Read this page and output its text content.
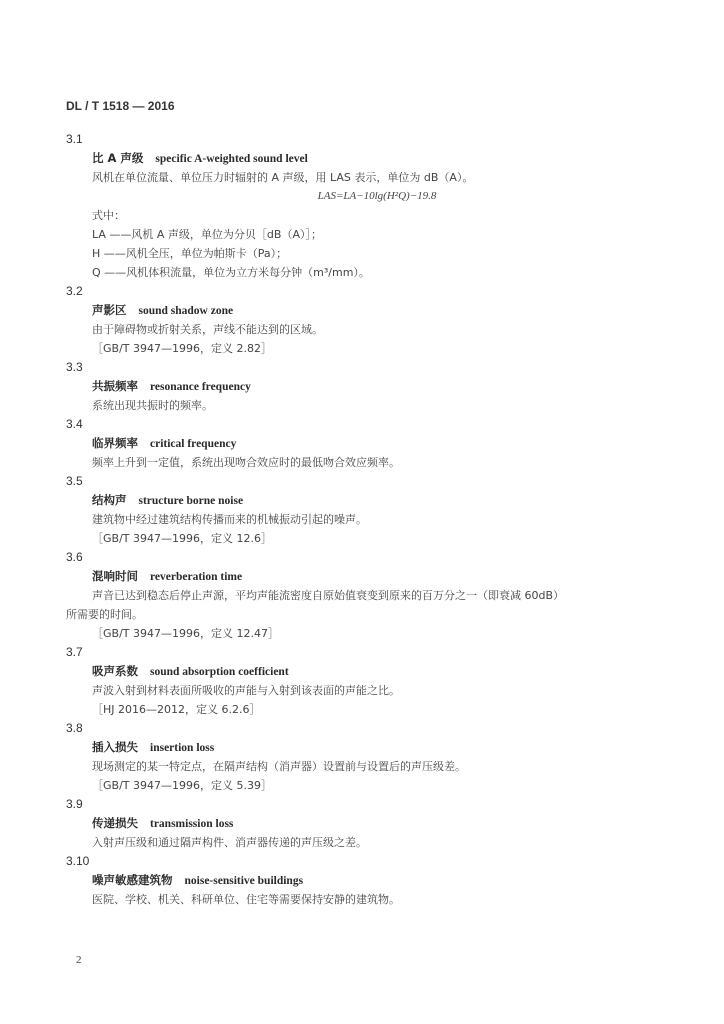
DL / T 1518 — 2016
3.1
比 A 声级 specific A-weighted sound level
风机在单位流量、单位压力时辐射的 A 声级，用 LAS 表示，单位为 dB（A）。
LAS=LA−10lg(H²Q)−19.8
式中：
LA ——风机 A 声级，单位为分贝［dB（A）］；
H ——风机全压，单位为帕斯卡（Pa）；
Q ——风机体积流量，单位为立方米每分钟（m³/mm）。
3.2
声影区 sound shadow zone
由于障碍物或折射关系，声线不能达到的区域。
［GB/T 3947—1996，定义 2.82］
3.3
共振频率 resonance frequency
系统出现共振时的频率。
3.4
临界频率 critical frequency
频率上升到一定值，系统出现吻合效应时的最低吻合效应频率。
3.5
结构声 structure borne noise
建筑物中经过建筑结构传播而来的机械振动引起的噪声。
［GB/T 3947—1996，定义 12.6］
3.6
混响时间 reverberation time
声音已达到稳态后停止声源，平均声能流密度自原始值衰变到原来的百万分之一（即衰减 60dB）
所需要的时间。
［GB/T 3947—1996，定义 12.47］
3.7
吸声系数 sound absorption coefficient
声波入射到材料表面所吸收的声能与入射到该表面的声能之比。
［HJ 2016—2012，定义 6.2.6］
3.8
插入损失 insertion loss
现场测定的某一特定点，在隔声结构（消声器）设置前与设置后的声压级差。
［GB/T 3947—1996，定义 5.39］
3.9
传递损失 transmission loss
入射声压级和通过隔声构件、消声器传递的声压级之差。
3.10
噪声敏感建筑物 noise-sensitive buildings
医院、学校、机关、科研单位、住宅等需要保持安静的建筑物。
2
